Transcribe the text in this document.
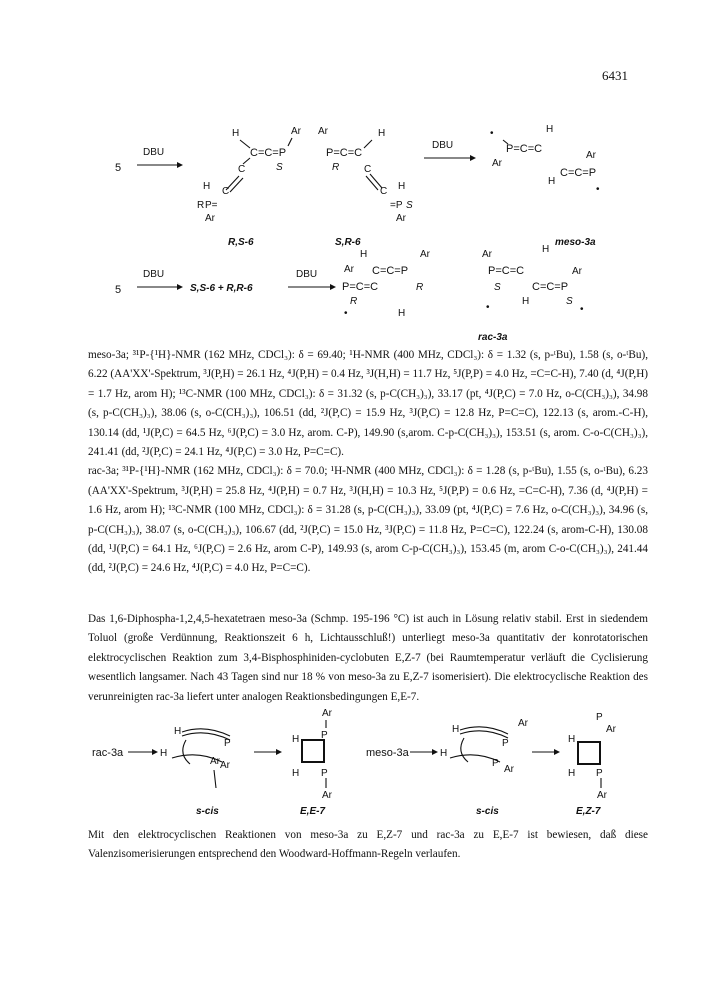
6431
5
DBU
H	Ar
C=C=P
S
C
C
H
R P=
Ar
R,S-6
Ar
P=C=C
H
R C
C H
=P S
Ar
S,R-6
DBU
•
P=C=C
H
Ar
C=C=P
Ar
H
•
meso-3a
5
DBU
S,S-6 + R,R-6
DBU
H	Ar
C=C=P
Ar
P=C=C	R
R
•	H
Ar	H
P=C=C	Ar
C=C=P
S
•
H	S
•
rac-3a

meso-3a; ³¹P-{¹H}-NMR (162 MHz, CDCl₃): δ = 69.40; ¹H-NMR (400 MHz, CDCl₃): δ = 1.32 (s, p-ᵗBu), 1.58 (s, o-ᵗBu), 6.22 (AA'XX'-Spektrum, ³J(P,H) = 26.1 Hz, ⁴J(P,H) = 0.4 Hz, ³J(H,H) = 11.7 Hz, ⁵J(P,P) = 4.0 Hz, =C=C-H), 7.40 (d, ⁴J(P,H) = 1.7 Hz, arom H); ¹³C-NMR (100 MHz, CDCl₃): δ = 31.32 (s, p-C(CH₃)₃), 33.17 (pt, ⁴J(P,C) = 7.0 Hz, o-C(CH₃)₃), 34.98 (s, p-C(CH₃)₃), 38.06 (s, o-C(CH₃)₃), 106.51 (dd, ²J(P,C) = 15.9 Hz, ³J(P,C) = 12.8 Hz, P=C=C), 122.13 (s, arom.-C-H), 130.14 (dd, ¹J(P,C) = 64.5 Hz, ⁶J(P,C) = 3.0 Hz, arom. C-P), 149.90 (s,arom. C-p-C(CH₃)₃), 153.51 (s, arom. C-o-C(CH₃)₃), 241.41 (dd, ²J(P,C) = 24.1 Hz, ⁴J(P,C) = 3.0 Hz, P=C=C).

rac-3a; ³¹P-{¹H}-NMR (162 MHz, CDCl₃): δ = 70.0; ¹H-NMR (400 MHz, CDCl₃): δ = 1.28 (s, p-ᵗBu), 1.55 (s, o-ᵗBu), 6.23 (AA'XX'-Spektrum, ³J(P,H) = 25.8 Hz, ⁴J(P,H) = 0.7 Hz, ³J(H,H) = 10.3 Hz, ⁵J(P,P) = 0.6 Hz, =C=C-H), 7.36 (d, ⁴J(P,H) = 1.6 Hz, arom H); ¹³C-NMR (100 MHz, CDCl₃): δ = 31.28 (s, p-C(CH₃)₃), 33.09 (pt, ⁴J(P,C) = 7.6 Hz, o-C(CH₃)₃), 34.96 (s, p-C(CH₃)₃), 38.07 (s, o-C(CH₃)₃), 106.67 (dd, ²J(P,C) = 15.0 Hz, ³J(P,C) = 11.8 Hz, P=C=C), 122.24 (s, arom-C-H), 130.08 (dd, ¹J(P,C) = 64.1 Hz, ⁶J(P,C) = 2.6 Hz, arom C-P), 149.93 (s, arom C-p-C(CH₃)₃), 153.45 (m, arom C-o-C(CH₃)₃), 241.44 (dd, ²J(P,C) = 24.6 Hz, ⁴J(P,C) = 4.0 Hz, P=C=C).

Das 1,6-Diphospha-1,2,4,5-hexatetraen meso-3a (Schmp. 195-196 °C) ist auch in Lösung relativ stabil. Erst in siedendem Toluol (große Verdünnung, Reaktionszeit 6 h, Lichtausschluß!) unterliegt meso-3a quantitativ der konrotatorischen elektrocyclischen Reaktion zum 3,4-Bisphosphiniden-cyclobuten E,Z-7 (bei Raumtemperatur verläuft die Cyclisierung wesentlich langsamer. Nach 43 Tagen sind nur 18 % von meso-3a zu E,Z-7 isomerisiert). Die elektrocyclische Reaktion des verunreinigten rac-3a liefert unter analogen Reaktionsbedingungen E,E-7.

rac-3a	H
H
P
Ar Ar
s-cis
Ar
P
H
H P
Ar
E,E-7
meso-3a	H
H
P
Ar
P
Ar
s-cis
P
Ar
H
H P
Ar
E,Z-7

Mit den elektrocyclischen Reaktionen von meso-3a zu E,Z-7 und rac-3a zu E,E-7 ist bewiesen, daß diese Valenzisomerisierungen entsprechend den Woodward-Hoffmann-Regeln verlaufen.
